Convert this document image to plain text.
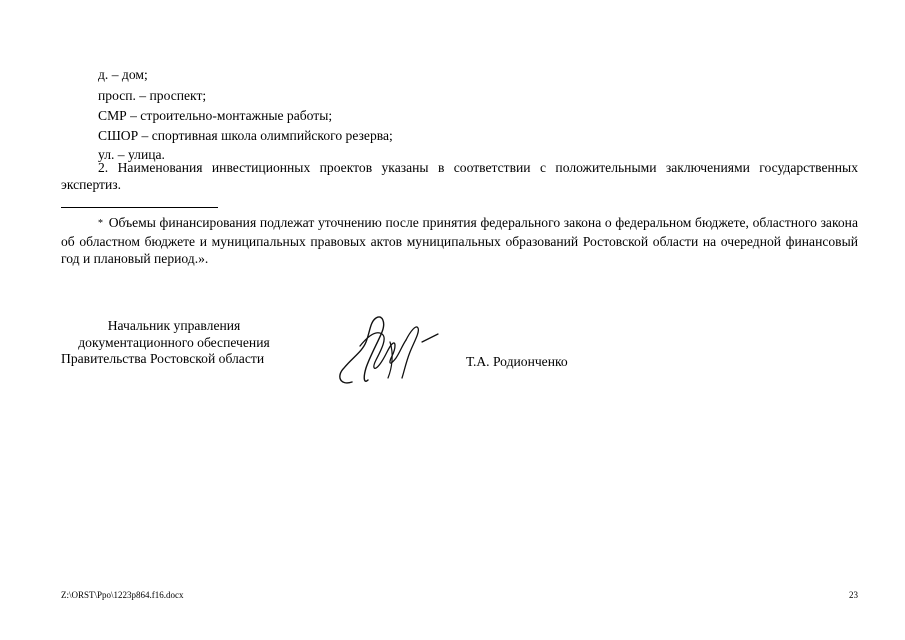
д. – дом;
просп. – проспект;
СМР – строительно-монтажные работы;
СШОР – спортивная школа олимпийского резерва;
ул. – улица.
2. Наименования инвестиционных проектов указаны в соответствии с положительными заключениями государственных экспертиз.
* Объемы финансирования подлежат уточнению после принятия федерального закона о федеральном бюджете, областного закона об областном бюджете и муниципальных правовых актов муниципальных образований Ростовской области на очередной финансовый год и плановый период.».
Начальник управления
документационного обеспечения
Правительства Ростовской области	Т.А. Родионченко
Z:\ORST\Ppo\1223p864.f16.docx	23
